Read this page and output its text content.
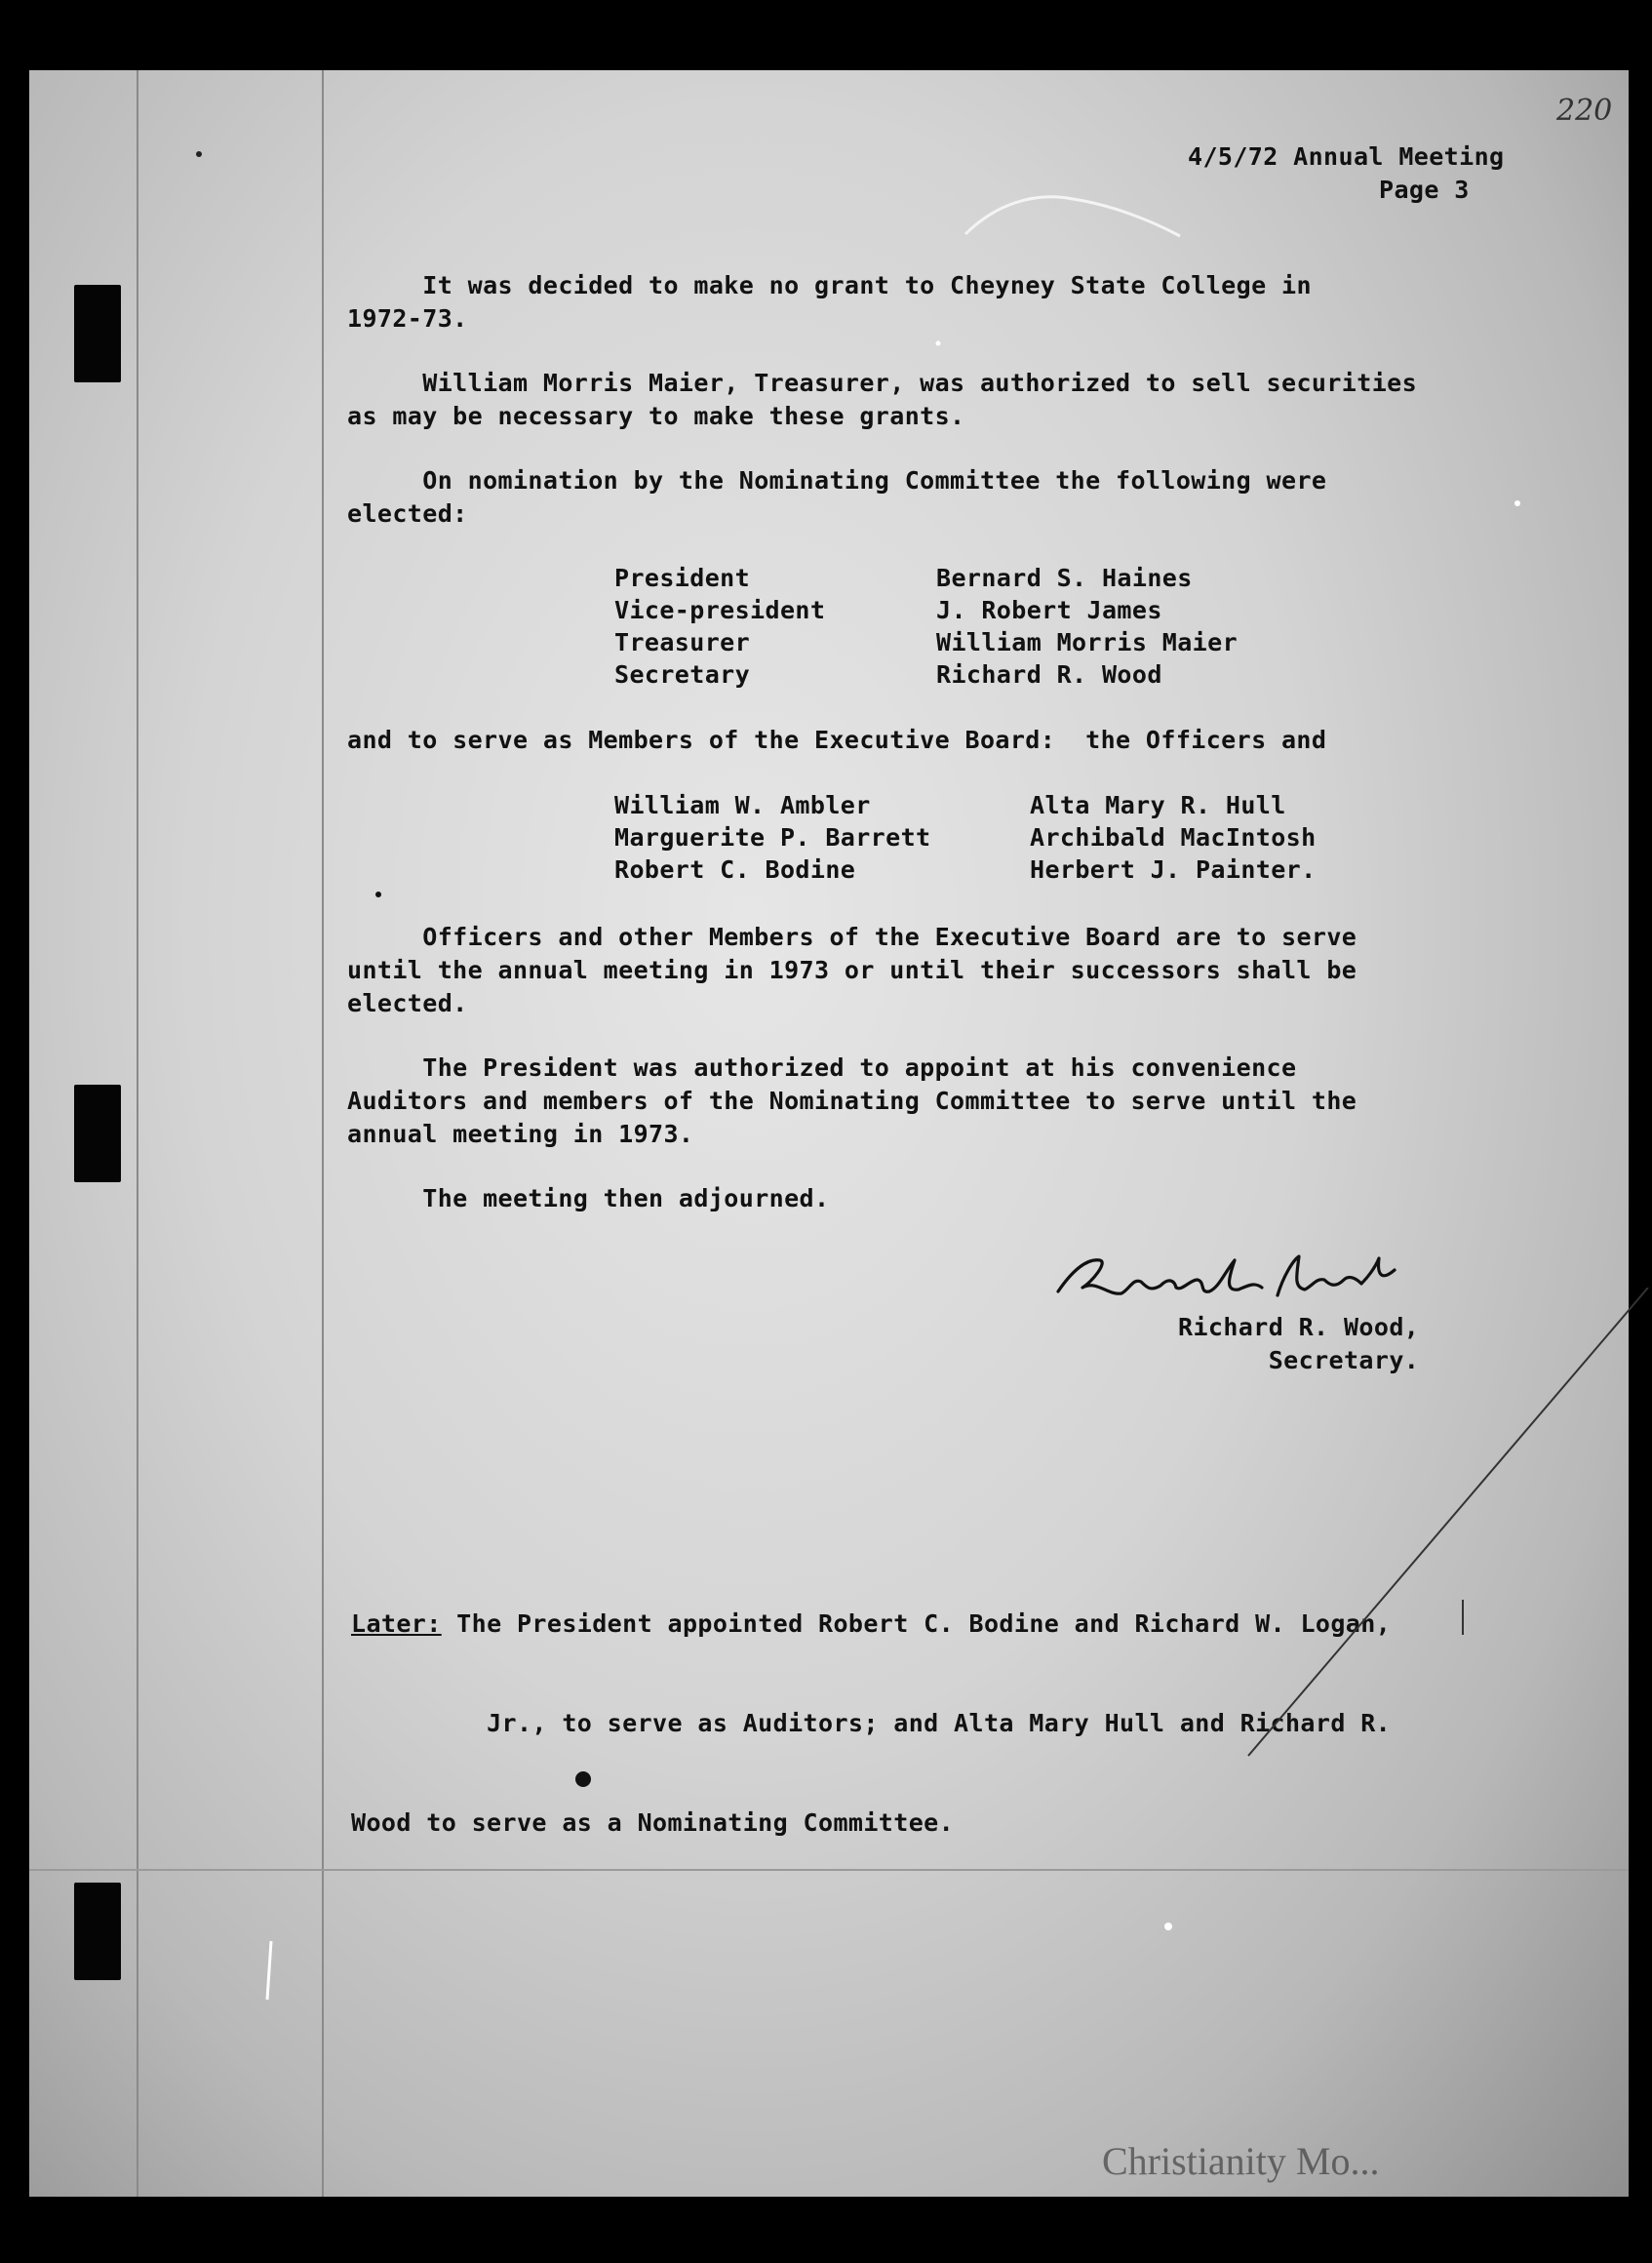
220
4/5/72 Annual Meeting
Page 3
It was decided to make no grant to Cheyney State College in
1972-73.
William Morris Maier, Treasurer, was authorized to sell securities
as may be necessary to make these grants.
On nomination by the Nominating Committee the following were
elected:
President	Bernard S. Haines
Vice-president	J. Robert James
Treasurer	William Morris Maier
Secretary	Richard R. Wood
and to serve as Members of the Executive Board:  the Officers and
William W. Ambler	Alta Mary R. Hull
Marguerite P. Barrett	Archibald MacIntosh
Robert C. Bodine	Herbert J. Painter.
Officers and other Members of the Executive Board are to serve
until the annual meeting in 1973 or until their successors shall be
elected.
The President was authorized to appoint at his convenience
Auditors and members of the Nominating Committee to serve until the
annual meeting in 1973.
The meeting then adjourned.
Richard R. Wood,
Secretary.

Later: The President appointed Robert C. Bodine and Richard W. Logan,

Jr., to serve as Auditors; and Alta Mary Hull and Richard R.

Wood to serve as a Nominating Committee.

Christianity Mo...
